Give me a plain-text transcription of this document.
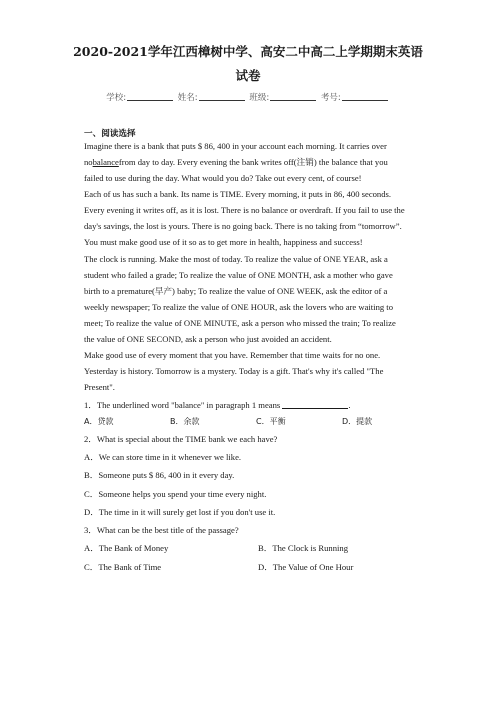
2020-2021学年江西樟树中学、高安二中高二上学期期末英语
试卷
学校:	姓名:	班级:	考号:
一、阅读选择
Imagine there is a bank that puts $ 86, 400 in your account each morning. It carries over
nobalancefrom day to day. Every evening the bank writes off(注销) the balance that you
failed to use during the day. What would you do? Take out every cent, of course!
Each of us has such a bank. Its name is TIME. Every morning, it puts in 86, 400 seconds.
Every evening it writes off, as it is lost. There is no balance or overdraft. If you fail to use the
day's savings, the lost is yours. There is no going back. There is no taking from “tomorrow”.
You must make good use of it so as to get more in health, happiness and success!
The clock is running. Make the most of today. To realize the value of ONE YEAR, ask a
student who failed a grade; To realize the value of ONE MONTH, ask a mother who gave
birth to a premature(早产) baby; To realize the value of ONE WEEK, ask the editor of a
weekly newspaper; To realize the value of ONE HOUR, ask the lovers who are waiting to
meet; To realize the value of ONE MINUTE, ask a person who missed the train; To realize
the value of ONE SECOND, ask a person who just avoided an accident.
Make good use of every moment that you have. Remember that time waits for no one.
Yesterday is history. Tomorrow is a mystery. Today is a gift. That's why it's called "The
Present".
1．The underlined word "balance" in paragraph 1 means	.
A．贷款	B．余款	C．平衡	D．提款
2．What is special about the TIME bank we each have?
A．We can store time in it whenever we like.
B．Someone puts $ 86, 400 in it every day.
C．Someone helps you spend your time every night.
D．The time in it will surely get lost if you don't use it.
3．What can be the best title of the passage?
A．The Bank of Money	B．The Clock is Running
C．The Bank of Time	D．The Value of One Hour
